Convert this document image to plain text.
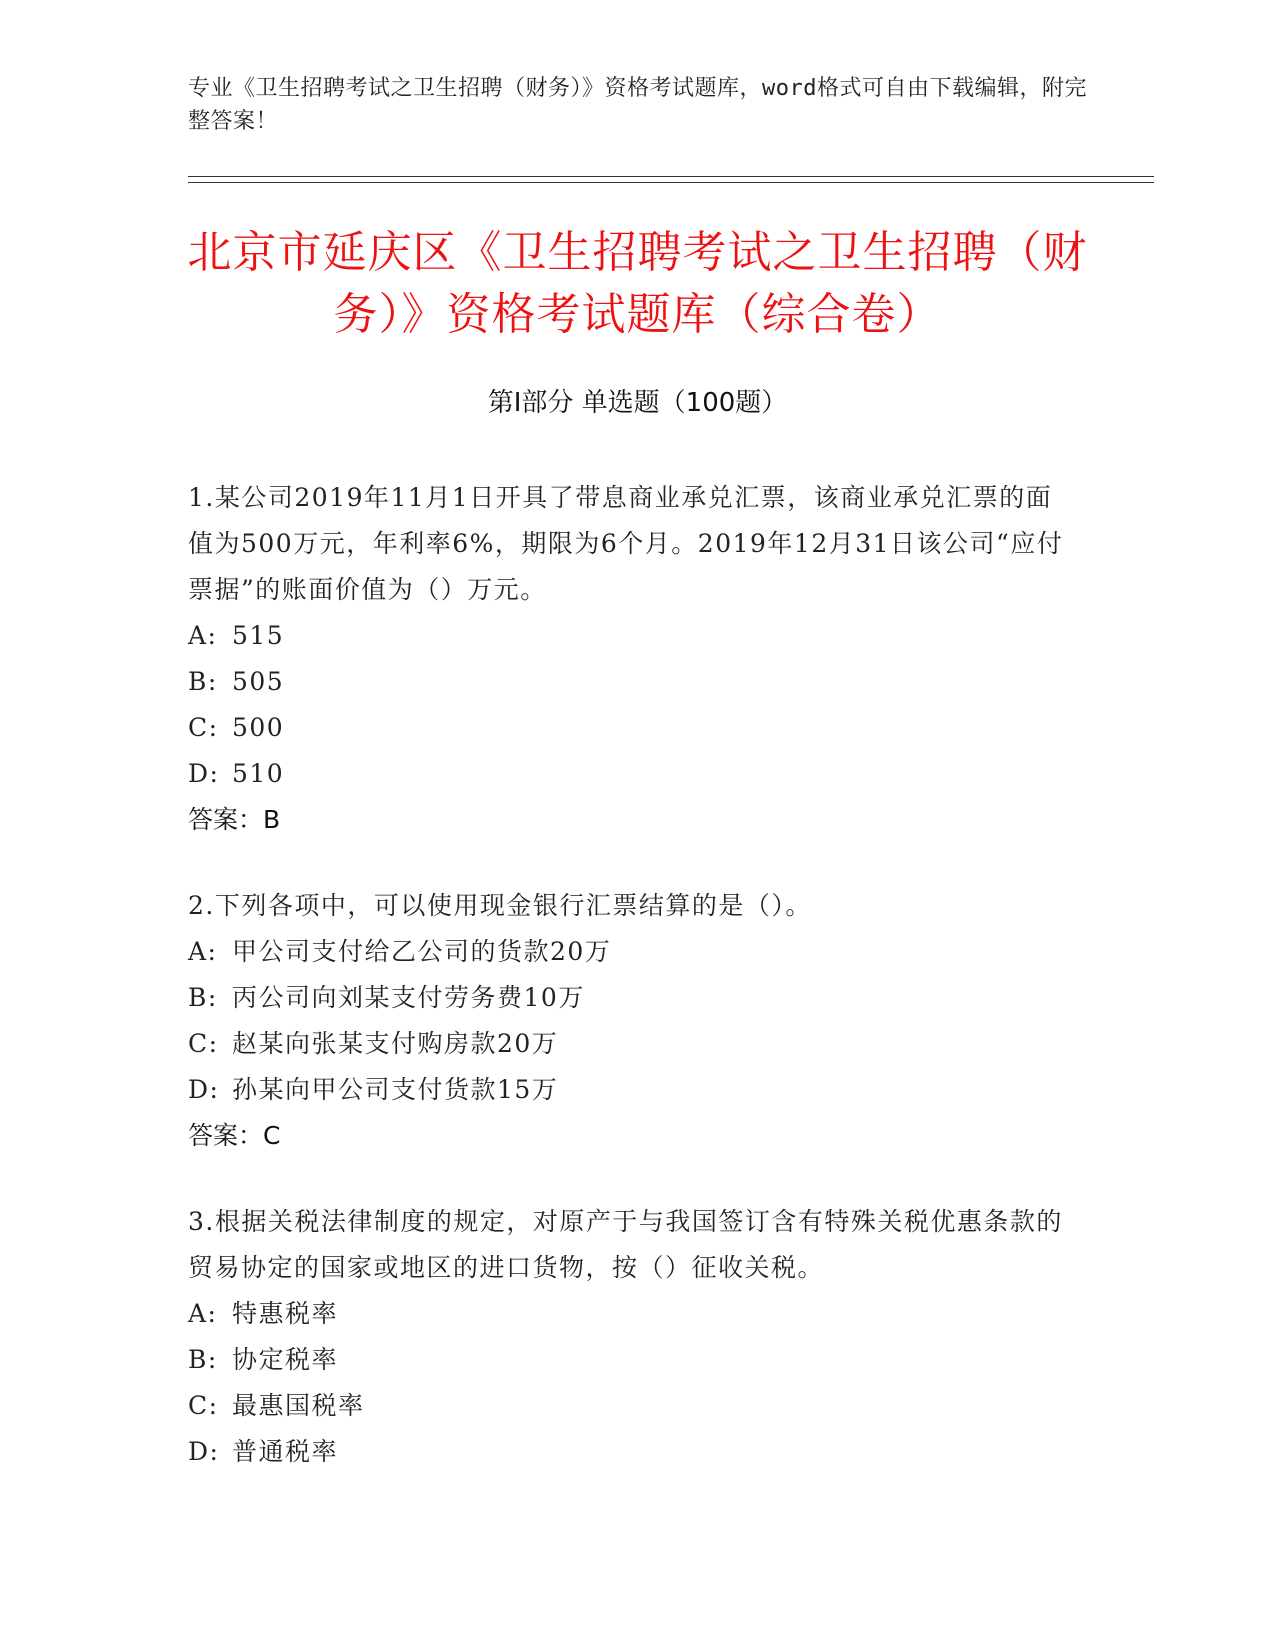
专业《卫生招聘考试之卫生招聘（财务）》资格考试题库，word格式可自由下载编辑，附完整答案！
北京市延庆区《卫生招聘考试之卫生招聘（财务）》资格考试题库（综合卷）
第I部分 单选题（100题）
1.某公司2019年11月1日开具了带息商业承兑汇票，该商业承兑汇票的面值为500万元，年利率6%，期限为6个月。2019年12月31日该公司“应付票据”的账面价值为（）万元。
A: 515
B: 505
C: 500
D: 510
答案：B
2.下列各项中，可以使用现金银行汇票结算的是（）。
A: 甲公司支付给乙公司的货款20万
B: 丙公司向刘某支付劳务费10万
C: 赵某向张某支付购房款20万
D: 孙某向甲公司支付货款15万
答案：C
3.根据关税法律制度的规定，对原产于与我国签订含有特殊关税优惠条款的贸易协定的国家或地区的进口货物，按（）征收关税。
A: 特惠税率
B: 协定税率
C: 最惠国税率
D: 普通税率
